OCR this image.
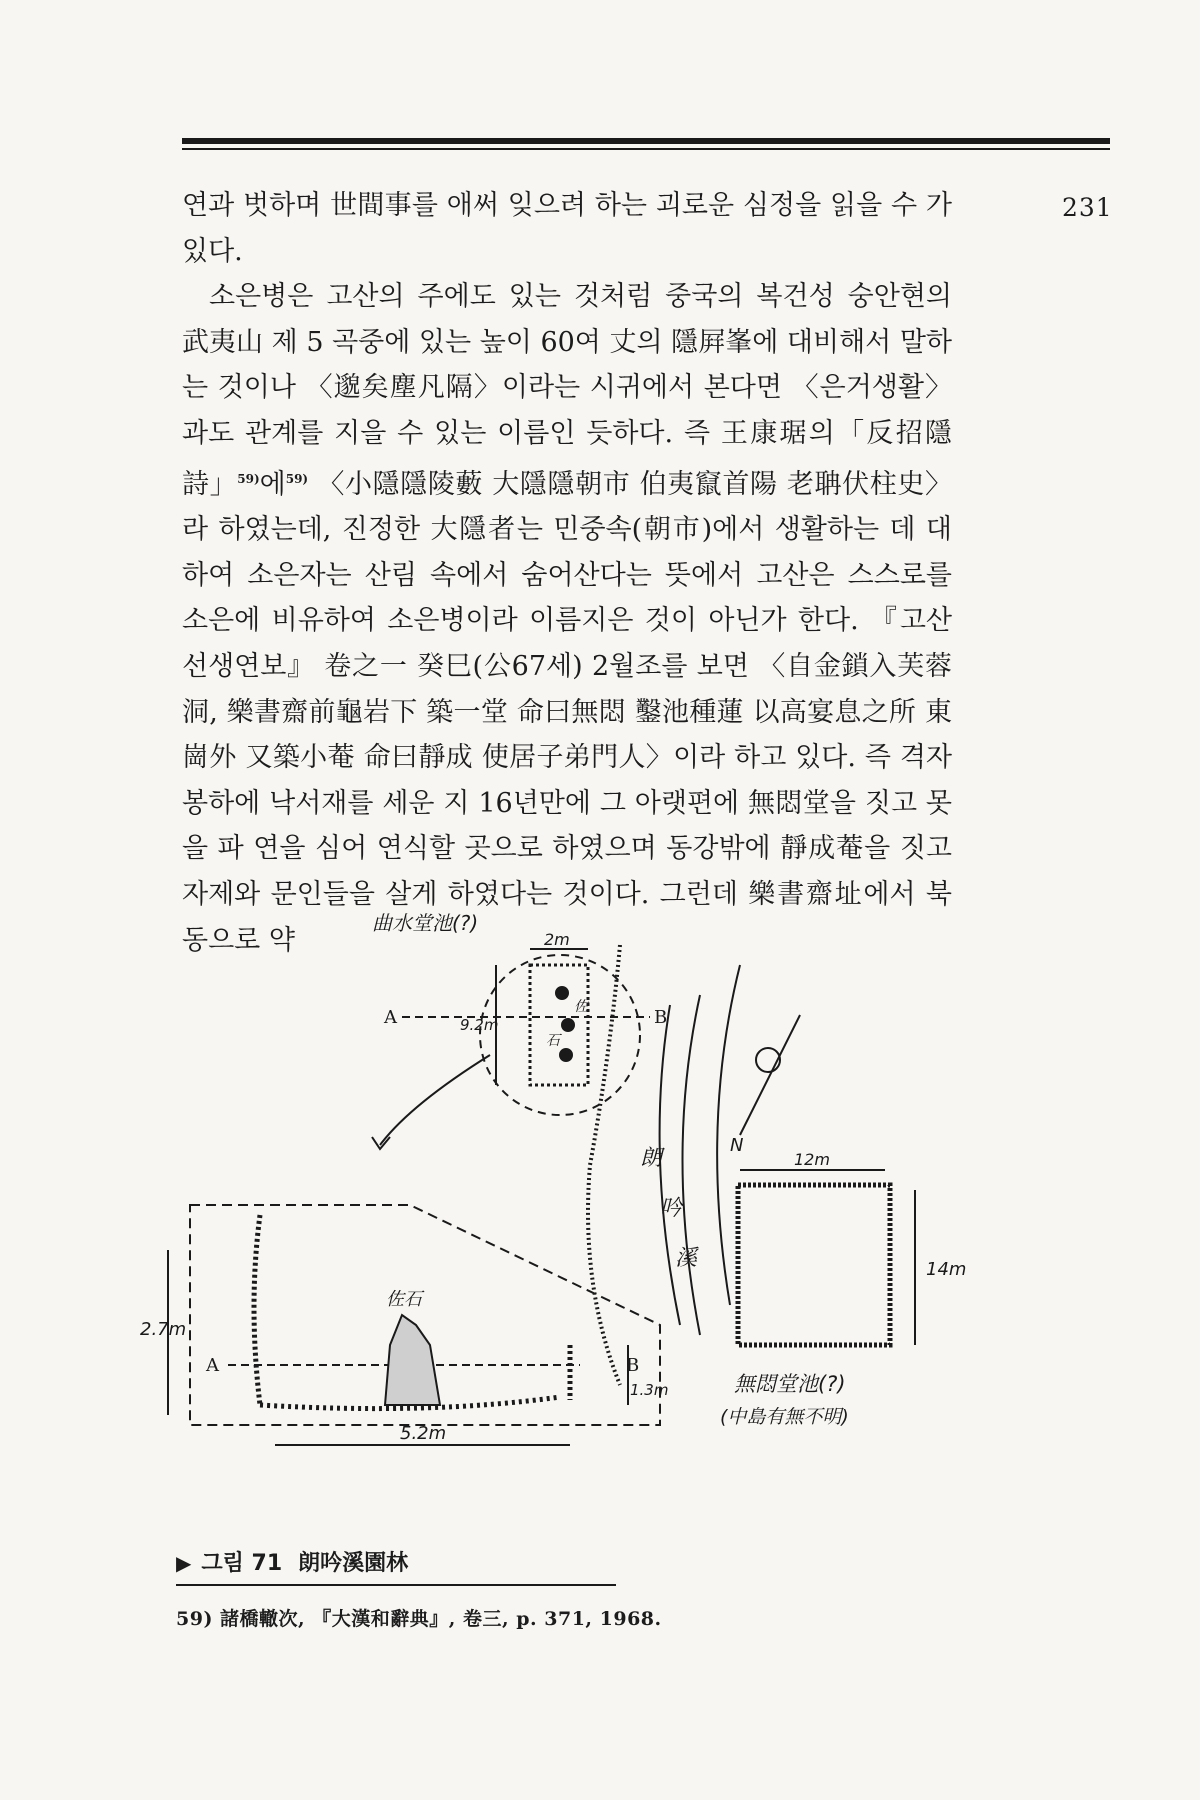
231

연과 벗하며 世間事를 애써 잊으려 하는 괴로운 심정을 읽을 수 가 있다.

소은병은 고산의 주에도 있는 것처럼 중국의 복건성 숭안현의 武夷山 제 5 곡중에 있는 높이 60여 丈의 隱屛峯에 대비해서 말하는 것이나 〈邈矣塵凡隔〉이라는 시귀에서 본다면 〈은거생활〉과도 관계를 지을 수 있는 이름인 듯하다. 즉 王康琚의「反招隱詩」$^{59)}$에$^{59)}$ 〈小隱隱陵藪 大隱隱朝市 伯夷竄首陽 老聃伏柱史〉라 하였는데, 진정한 大隱者는 민중속(朝市)에서 생활하는 데 대하여 소은자는 산림 속에서 숨어산다는 뜻에서 고산은 스스로를 소은에 비유하여 소은병이라 이름지은 것이 아닌가 한다. 『고산선생연보』 卷之一 癸巳(公67세) 2월조를 보면 〈自金鎖入芙蓉洞, 樂書齋前龜岩下 築一堂 命曰無悶 鑿池種蓮 以高宴息之所 東崗外 又築小菴 命曰靜成 使居子弟門人〉이라 하고 있다. 즉 격자봉하에 낙서재를 세운 지 16년만에 그 아랫편에 無悶堂을 짓고 못을 파 연을 심어 연식할 곳으로 하였으며 동강밖에 靜成菴을 짓고 자제와 문인들을 살게 하였다는 것이다. 그런데 樂書齋址에서 북동으로 약

曲水堂池(?)
2m
9.2m
A	B
佐
石
朗
吟
溪
A	B
佐石
2.7m
5.2m
1.3m
N
12m
14m
無悶堂池(?)
(中島有無不明)
▶ 그림 71 朗吟溪園林
59) 諸橋轍次, 『大漢和辭典』, 卷三, p. 371, 1968.
